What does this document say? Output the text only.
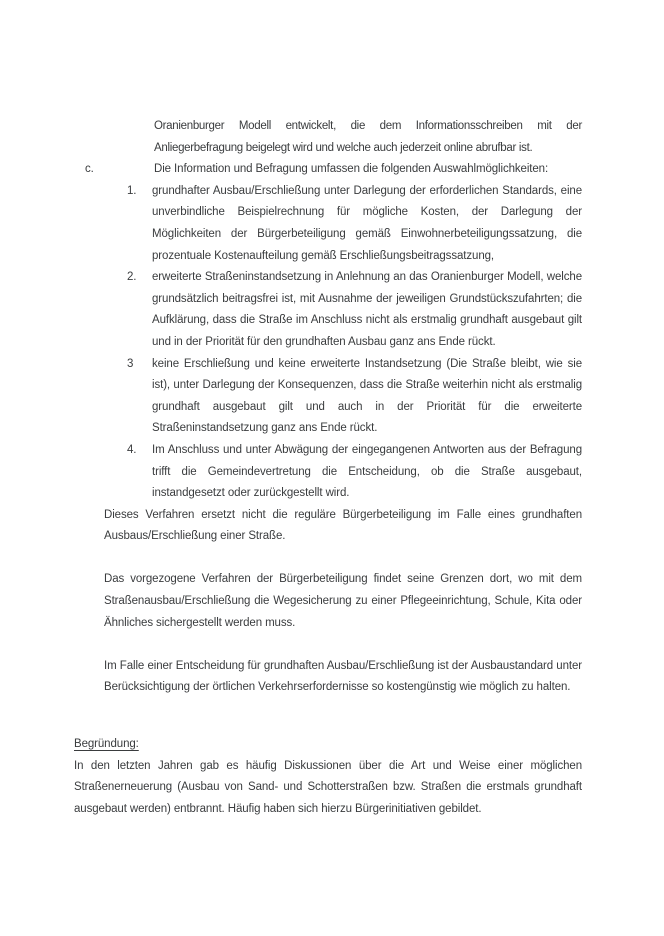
Oranienburger Modell entwickelt, die dem Informationsschreiben mit der Anliegerbefragung beigelegt wird und welche auch jederzeit online abrufbar ist.
c.	Die Information und Befragung umfassen die folgenden Auswahlmöglichkeiten:
1. grundhafter Ausbau/Erschließung unter Darlegung der erforderlichen Standards, eine unverbindliche Beispielrechnung für mögliche Kosten, der Darlegung der Möglichkeiten der Bürgerbeteiligung gemäß Einwohnerbeteiligungssatzung, die prozentuale Kostenaufteilung gemäß Erschließungsbeitragssatzung,
2. erweiterte Straßeninstandsetzung in Anlehnung an das Oranienburger Modell, welche grundsätzlich beitragsfrei ist, mit Ausnahme der jeweiligen Grundstückszufahrten; die Aufklärung, dass die Straße im Anschluss nicht als erstmalig grundhaft ausgebaut gilt und in der Priorität für den grundhaften Ausbau ganz ans Ende rückt.
3 keine Erschließung und keine erweiterte Instandsetzung (Die Straße bleibt, wie sie ist), unter Darlegung der Konsequenzen, dass die Straße weiterhin nicht als erstmalig grundhaft ausgebaut gilt und auch in der Priorität für die erweiterte Straßeninstandsetzung ganz ans Ende rückt.
4. Im Anschluss und unter Abwägung der eingegangenen Antworten aus der Befragung trifft die Gemeindevertretung die Entscheidung, ob die Straße ausgebaut, instandgesetzt oder zurückgestellt wird.
Dieses Verfahren ersetzt nicht die reguläre Bürgerbeteiligung im Falle eines grundhaften Ausbaus/Erschließung einer Straße.
Das vorgezogene Verfahren der Bürgerbeteiligung findet seine Grenzen dort, wo mit dem Straßenausbau/Erschließung die Wegesicherung zu einer Pflegeeinrichtung, Schule, Kita oder Ähnliches sichergestellt werden muss.
Im Falle einer Entscheidung für grundhaften Ausbau/Erschließung ist der Ausbaustandard unter Berücksichtigung der örtlichen Verkehrserfordernisse so kostengünstig wie möglich zu halten.
Begründung:
In den letzten Jahren gab es häufig Diskussionen über die Art und Weise einer möglichen Straßenerneuerung (Ausbau von Sand- und Schotterstraßen bzw. Straßen die erstmals grundhaft ausgebaut werden) entbrannt. Häufig haben sich hierzu Bürgerinitiativen gebildet.
